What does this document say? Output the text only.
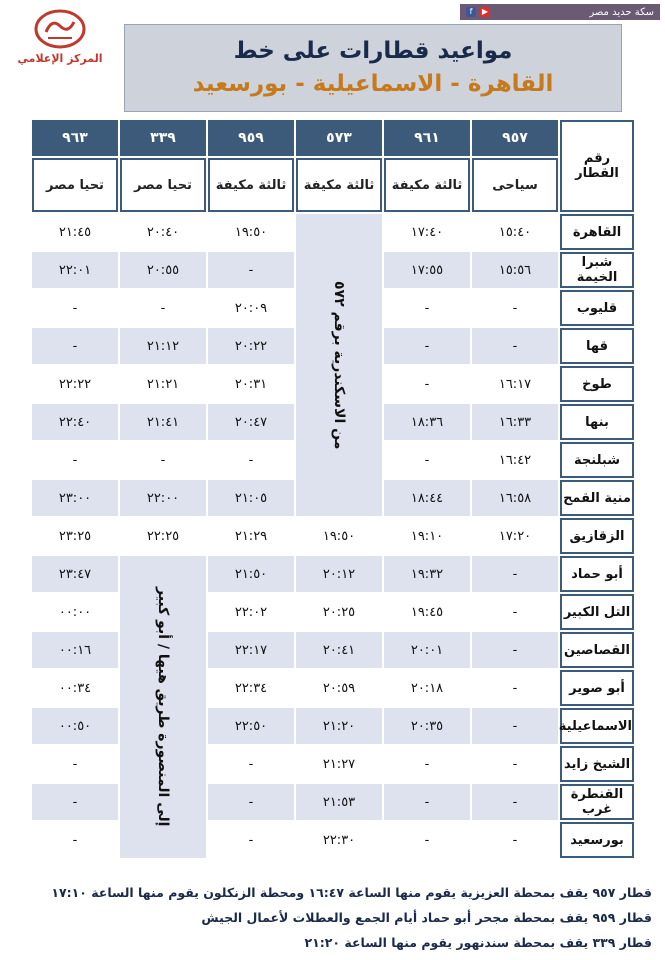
سكة حديد مصر
f	▶
المركز الإعلامي	مواعيد قطارات على خط
القاهرة - الاسماعيلية - بورسعيد
رقم القطار	٩٥٧	٩٦١	٥٧٣	٩٥٩	٣٣٩	٩٦٣
	سياحى	ثالثة مكيفة	ثالثة مكيفة	ثالثة مكيفة	تحيا مصر	تحيا مصر
القاهرة	١٥:٤٠	١٧:٤٠	من الاسكندرية برقم ٥٧٢	١٩:٥٠	٢٠:٤٠	٢١:٤٥
شبرا الخيمة	١٥:٥٦	١٧:٥٥		-	٢٠:٥٥	٢٢:٠١
قليوب	-	-		٢٠:٠٩	-	-
قها	-	-		٢٠:٢٢	٢١:١٢	-
طوخ	١٦:١٧	-		٢٠:٣١	٢١:٢١	٢٢:٢٢
بنها	١٦:٣٣	١٨:٣٦		٢٠:٤٧	٢١:٤١	٢٢:٤٠
شبلنجة	١٦:٤٢	-		-	-	-
منية القمح	١٦:٥٨	١٨:٤٤		٢١:٠٥	٢٢:٠٠	٢٣:٠٠
الزقازيق	١٧:٢٠	١٩:١٠	١٩:٥٠	٢١:٢٩	٢٢:٢٥	٢٣:٢٥
أبو حماد	-	١٩:٣٢	٢٠:١٢	٢١:٥٠	إلى المنصورة طريق هيها / أبو كبير	٢٣:٤٧
التل الكبير	-	١٩:٤٥	٢٠:٢٥	٢٢:٠٢		٠٠:٠٠
القصاصين	-	٢٠:٠١	٢٠:٤١	٢٢:١٧		٠٠:١٦
أبو صوير	-	٢٠:١٨	٢٠:٥٩	٢٢:٣٤		٠٠:٣٤
الاسماعيلية	-	٢٠:٣٥	٢١:٢٠	٢٢:٥٠		٠٠:٥٠
الشيخ زايد	-	-	٢١:٢٧	-		-
القنطرة غرب	-	-	٢١:٥٣	-		-
بورسعيد	-	-	٢٢:٣٠	-		-
قطار ٩٥٧ يقف بمحطة العزيزية يقوم منها الساعة ١٦:٤٧ ومحطة الزنكلون يقوم منها الساعة ١٧:١٠
قطار ٩٥٩ يقف بمحطة مجحر أبو حماد أيام الجمع والعطلات لأعمال الجيش
قطار ٣٣٩ يقف بمحطة سندنهور يقوم منها الساعة ٢١:٢٠
